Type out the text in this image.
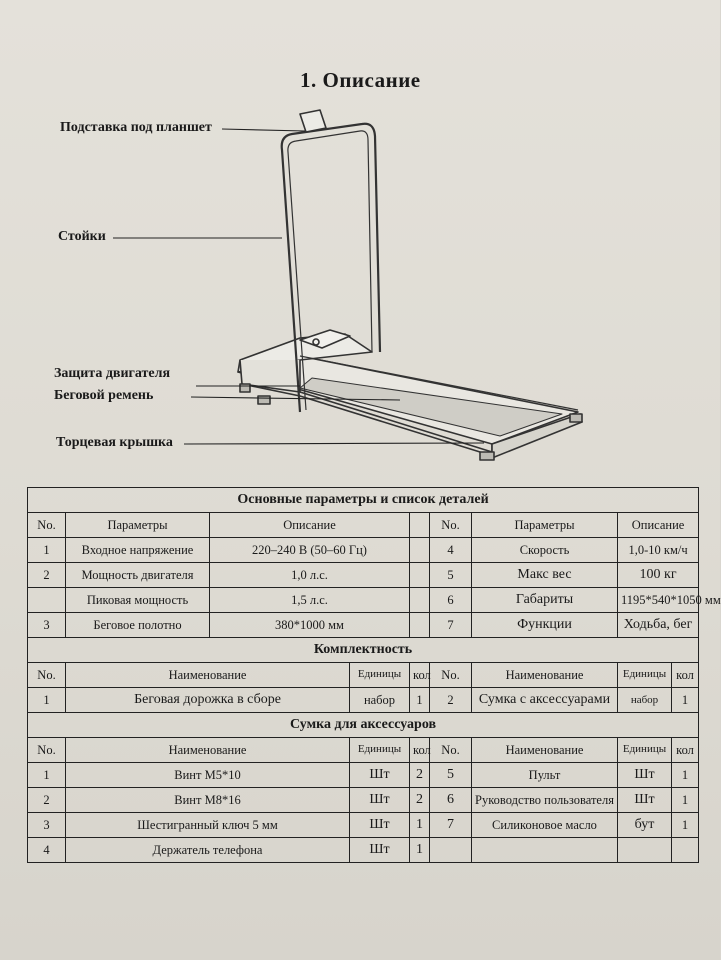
1. Описание
Подставка под планшет
Стойки
Защита двигателя
Беговой ремень
Торцевая крышка
Основные параметры и список деталей								
No.	Параметры	Описание			No.	Параметры	Описание	
1	Входное напряжение	220–240 В (50–60 Гц)			4	Скорость	1,0-10 км/ч	
2	Мощность двигателя	1,0 л.с.			5	Макс вес	100 кг	
	Пиковая мощность	1,5 л.с.			6	Габариты	1195*540*1050 мм	
3	Беговое полотно	380*1000 мм			7	Функции	Ходьба, бег	
Комплектность								
No.	Наименование		Единицы	кол	No.	Наименование	Единицы	кол
1	Беговая дорожка в сборе		набор	1	2	Сумка с аксессуарами	набор	1
Сумка для аксессуаров								
No.	Наименование		Единицы	кол	No.	Наименование	Единицы	кол
1	Винт M5*10		Шт	2	5	Пульт	Шт	1
2	Винт M8*16		Шт	2	6	Руководство пользователя	Шт	1
3	Шестигранный ключ 5 мм		Шт	1	7	Силиконовое масло	бут	1
4	Держатель телефона		Шт	1				
